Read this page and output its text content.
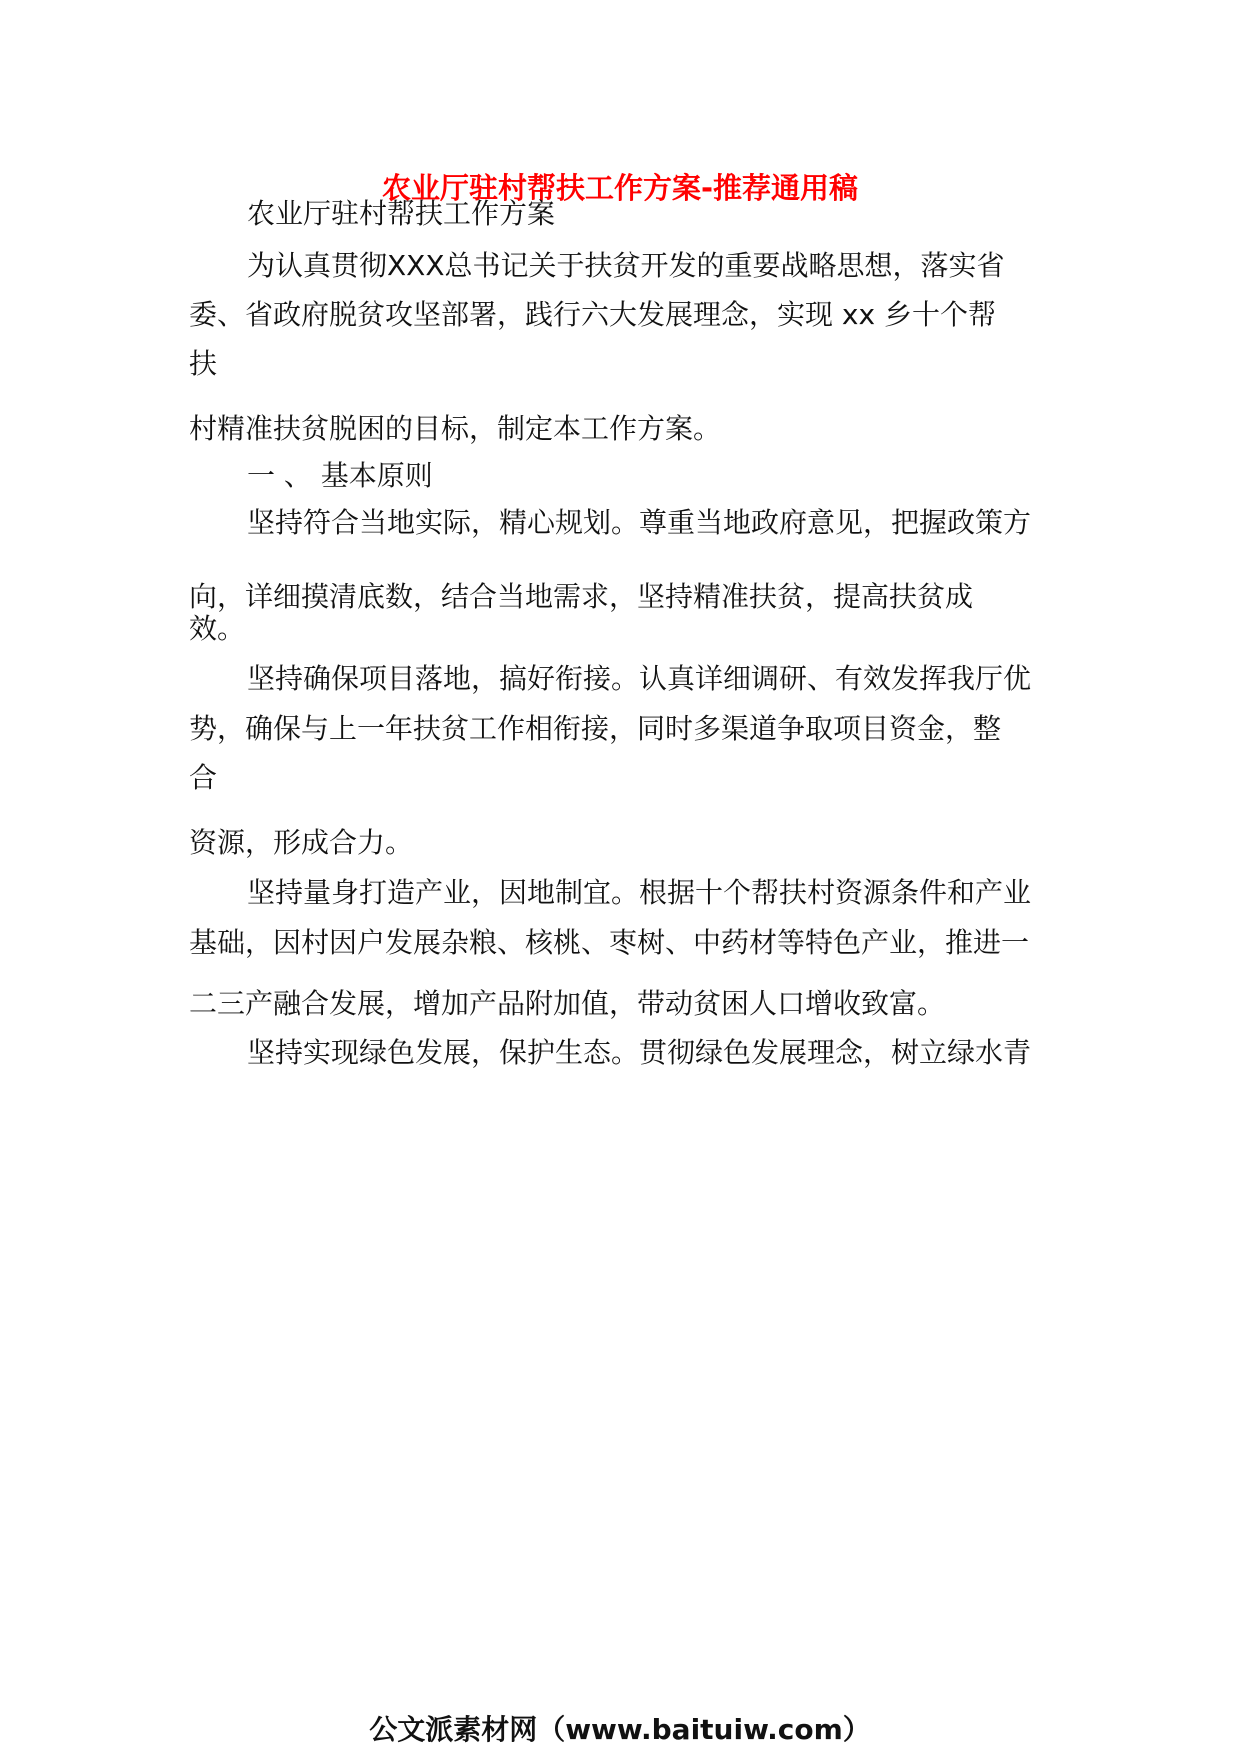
农业厅驻村帮扶工作方案-推荐通用稿
农业厅驻村帮扶工作方案
为认真贯彻XXX总书记关于扶贫开发的重要战略思想，落实省
委、省政府脱贫攻坚部署，践行六大发展理念，实现 xx 乡十个帮
扶
村精准扶贫脱困的目标，制定本工作方案。
一 、 基本原则
坚持符合当地实际，精心规划。尊重当地政府意见，把握政策方
向，详细摸清底数，结合当地需求，坚持精准扶贫，提高扶贫成
效。
坚持确保项目落地，搞好衔接。认真详细调研、有效发挥我厅优
势，确保与上一年扶贫工作相衔接，同时多渠道争取项目资金，整
合
资源，形成合力。
坚持量身打造产业，因地制宜。根据十个帮扶村资源条件和产业
基础，因村因户发展杂粮、核桃、枣树、中药材等特色产业，推进一
二三产融合发展，增加产品附加值，带动贫困人口增收致富。
坚持实现绿色发展，保护生态。贯彻绿色发展理念，树立绿水青
公文派素材网（www.baituiw.com）
